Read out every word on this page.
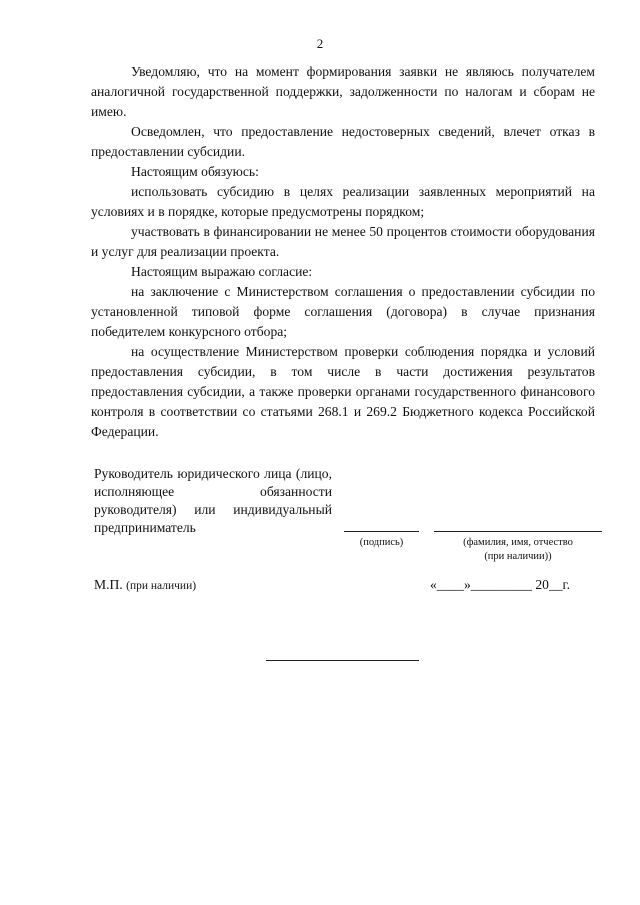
2

Уведомляю, что на момент формирования заявки не являюсь получателем аналогичной государственной поддержки, задолженности по налогам и сборам не имею.

Осведомлен, что предоставление недостоверных сведений, влечет отказ в предоставлении субсидии.

Настоящим обязуюсь:

использовать субсидию в целях реализации заявленных мероприятий на условиях и в порядке, которые предусмотрены порядком;

участвовать в финансировании не менее 50 процентов стоимости оборудования и услуг для реализации проекта.

Настоящим выражаю согласие:

на заключение с Министерством соглашения о предоставлении субсидии по установленной типовой форме соглашения (договора) в случае признания победителем конкурсного отбора;

на осуществление Министерством проверки соблюдения порядка и условий предоставления субсидии, в том числе в части достижения результатов предоставления субсидии, а также проверки органами государственного финансового контроля в соответствии со статьями 268.1 и 269.2 Бюджетного кодекса Российской Федерации.

Руководитель юридического лица (лицо, исполняющее обязанности руководителя) или индивидуальный предприниматель
(подпись)	(фамилия, имя, отчество
(при наличии))
М.П. (при наличии)	«____»_________ 20__г.
